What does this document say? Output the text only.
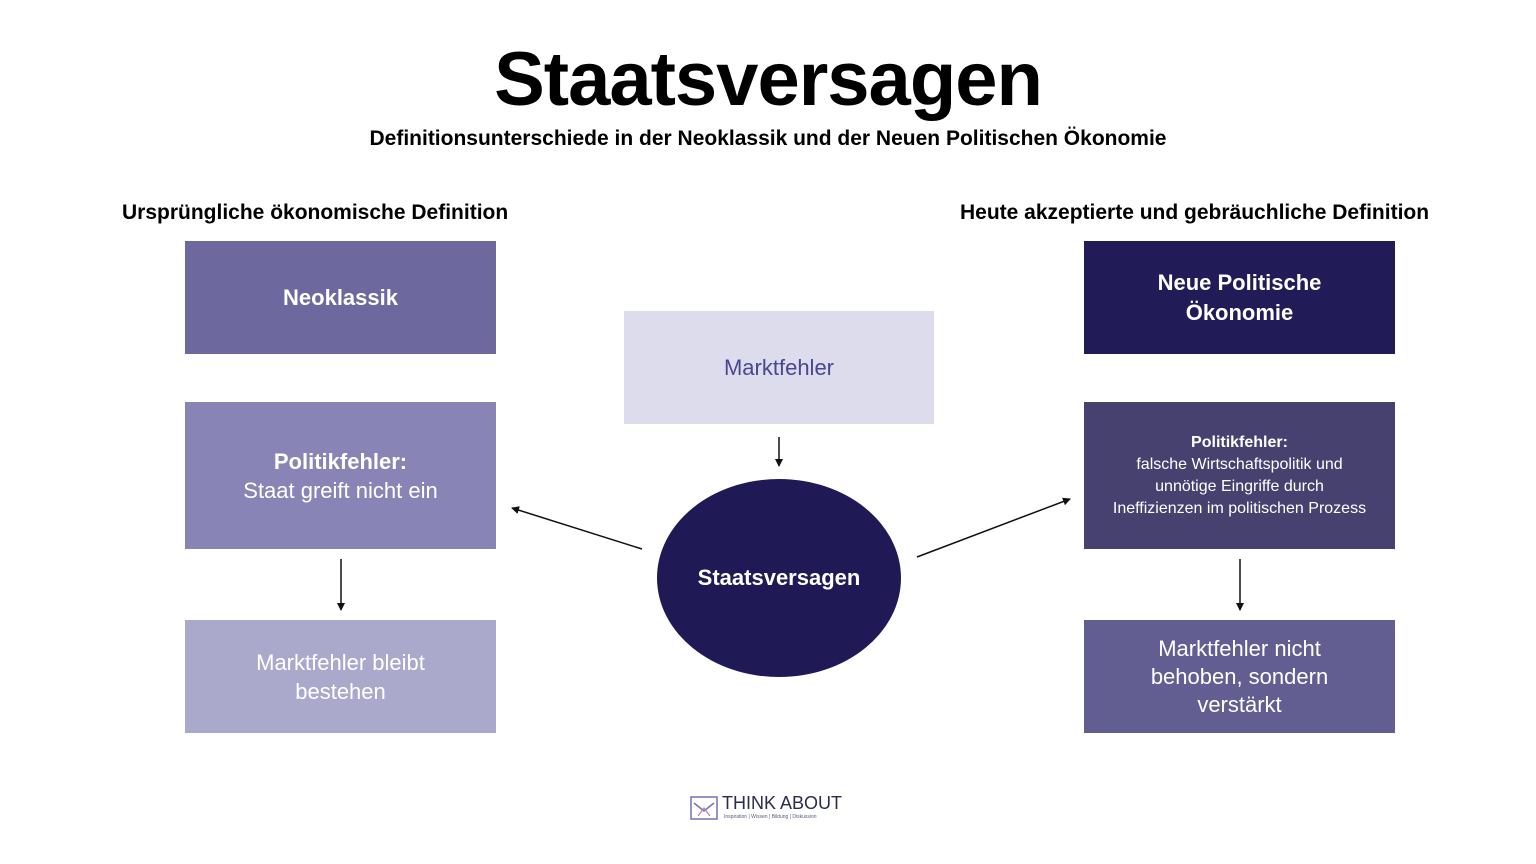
Staatsversagen
Definitionsunterschiede in der Neoklassik und der Neuen Politischen Ökonomie
Ursprüngliche ökonomische Definition	Heute akzeptierte und gebräuchliche Definition
Neoklassik
Politikfehler:
Staat greift nicht ein
Marktfehler bleibt
bestehen
Marktfehler
Staatsversagen
Neue Politische
Ökonomie
Politikfehler:
falsche Wirtschaftspolitik und
unnötige Eingriffe durch
Ineffizienzen im politischen Prozess
Marktfehler nicht
behoben, sondern
verstärkt
THINK ABOUT
Inspiration | Wissen | Bildung | Diskussion
